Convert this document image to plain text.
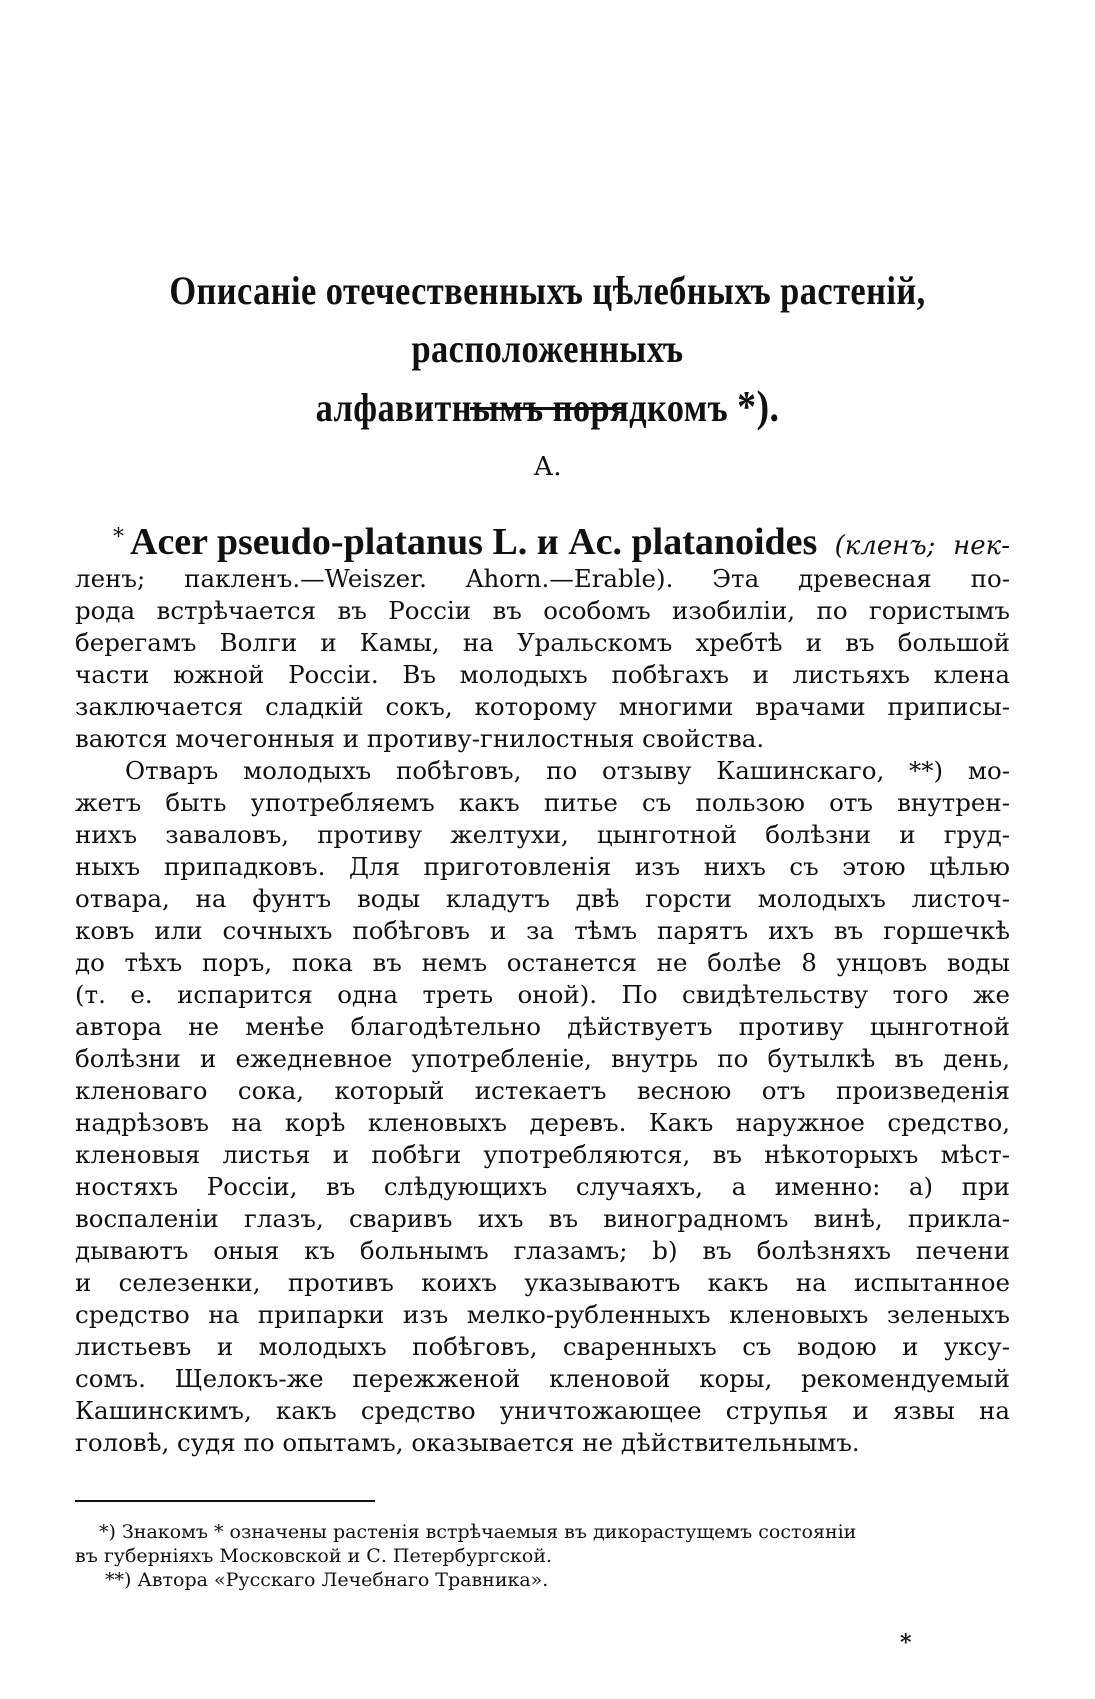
Описаніе отечественныхъ цѣлебныхъ растеній, расположенныхъ
алфавитнымъ порядкомъ *).
А.
* Acer pseudo-platanus L. и Ac. platanoides (кленъ; нек-
ленъ; пакленъ.—Weiszer. Ahorn.—Erable). Эта древесная по-
рода встрѣчается въ Россіи въ особомъ изобиліи, по гористымъ
берегамъ Волги и Камы, на Уральскомъ хребтѣ и въ большой
части южной Россіи. Въ молодыхъ побѣгахъ и листьяхъ клена
заключается сладкій сокъ, которому многими врачами приписы-
ваются мочегонныя и противу-гнилостныя свойства.
Отваръ молодыхъ побѣговъ, по отзыву Кашинскаго, **) мо-
жетъ быть употребляемъ какъ питье съ пользою отъ внутрен-
нихъ заваловъ, противу желтухи, цынготной болѣзни и груд-
ныхъ припадковъ. Для приготовленія изъ нихъ съ этою цѣлью
отвара, на фунтъ воды кладутъ двѣ горсти молодыхъ листоч-
ковъ или сочныхъ побѣговъ и за тѣмъ парятъ ихъ въ горшечкѣ
до тѣхъ поръ, пока въ немъ останется не болѣе 8 унцовъ воды
(т. е. испарится одна треть оной). По свидѣтельству того же
автора не менѣе благодѣтельно дѣйствуетъ противу цынготной
болѣзни и ежедневное употребленіе, внутрь по бутылкѣ въ день,
кленоваго сока, который истекаетъ весною отъ произведенія
надрѣзовъ на корѣ кленовыхъ деревъ. Какъ наружное средство,
кленовыя листья и побѣги употребляются, въ нѣкоторыхъ мѣст-
ностяхъ Россіи, въ слѣдующихъ случаяхъ, а именно: а) при
воспаленіи глазъ, сваривъ ихъ въ виноградномъ винѣ, прикла-
дываютъ оныя къ больнымъ глазамъ; b) въ болѣзняхъ печени
и селезенки, противъ коихъ указываютъ какъ на испытанное
средство на припарки изъ мелко-рубленныхъ кленовыхъ зеленыхъ
листьевъ и молодыхъ побѣговъ, сваренныхъ съ водою и уксу-
сомъ. Щелокъ-же пережженой кленовой коры, рекомендуемый
Кашинскимъ, какъ средство уничтожающее струпья и язвы на
головѣ, судя по опытамъ, оказывается не дѣйствительнымъ.
*) Знакомъ * означены растенія встрѣчаемыя въ дикорастущемъ состояніи
въ губерніяхъ Московской и С. Петербургской.
**) Автора «Русскаго Лечебнаго Травника».
*
